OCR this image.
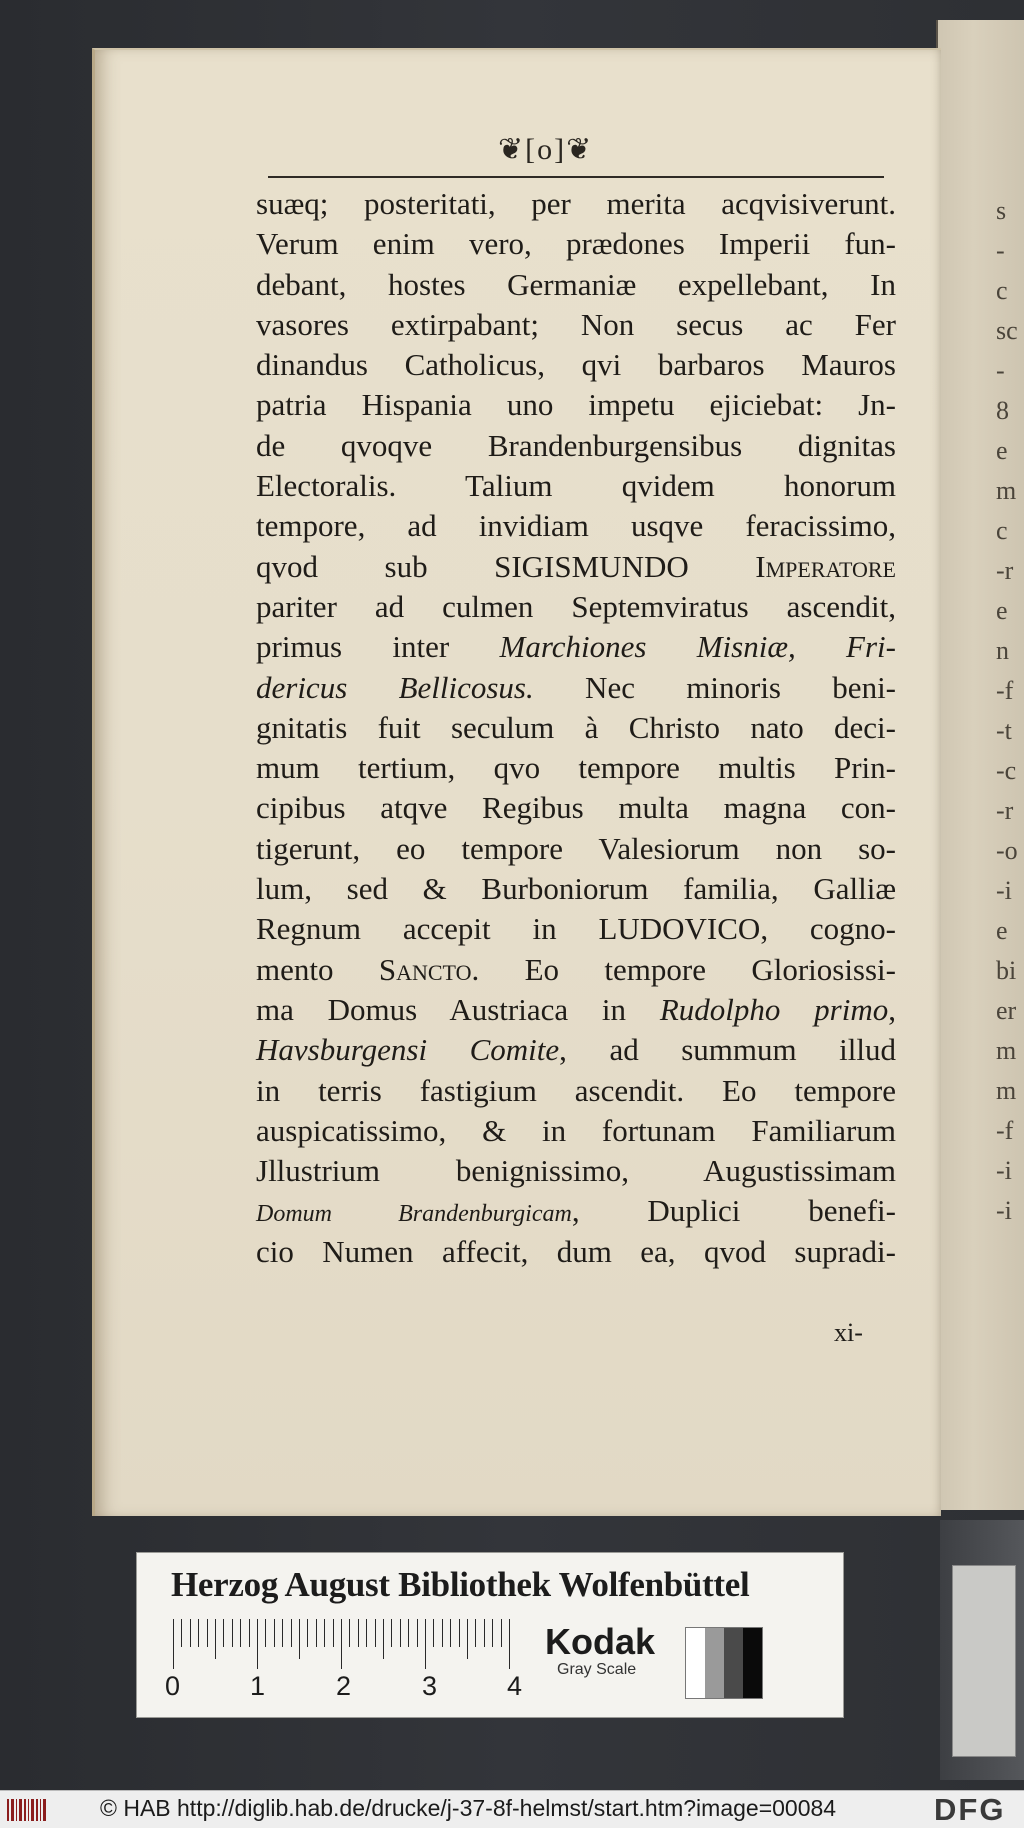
s
-
c
sc
-
8
e
m
c
-r
e
n
-f
-t
-c
-r
-o
-i
e
bi
er
m
m
-f
-i
-i
❦[o]❦
suæq; posteritati, per merita acqvisiverunt.
Verum enim vero, prædones Imperii fun-
debant, hostes Germaniæ expellebant, In
vasores extirpabant; Non secus ac Fer
dinandus Catholicus, qvi barbaros Mauros
patria Hispania uno impetu ejiciebat: Jn-
de qvoqve Brandenburgensibus dignitas
Electoralis. Talium qvidem honorum
tempore, ad invidiam usqve feracissimo,
qvod sub SIGISMUNDO Imperatore
pariter ad culmen Septemviratus ascendit,
primus inter Marchiones Misniæ, Fri-
dericus Bellicosus. Nec minoris beni-
gnitatis fuit seculum à Christo nato deci-
mum tertium, qvo tempore multis Prin-
cipibus atqve Regibus multa magna con-
tigerunt, eo tempore Valesiorum non so-
lum, sed & Burboniorum familia, Galliæ
Regnum accepit in LUDOVICO, cogno-
mento Sancto. Eo tempore Gloriosissi-
ma Domus Austriaca in Rudolpho primo,
Havsburgensi Comite, ad summum illud
in terris fastigium ascendit. Eo tempore
auspicatissimo, & in fortunam Familiarum
Jllustrium benignissimo, Augustissimam
Domum Brandenburgicam, Duplici benefi-
cio Numen affecit, dum ea, qvod supradi-
xi-
Herzog August Bibliothek Wolfenbüttel
0	1	2	3	4
Kodak
Gray Scale
© HAB http://diglib.hab.de/drucke/j-37-8f-helmst/start.htm?image=00084	DFG
